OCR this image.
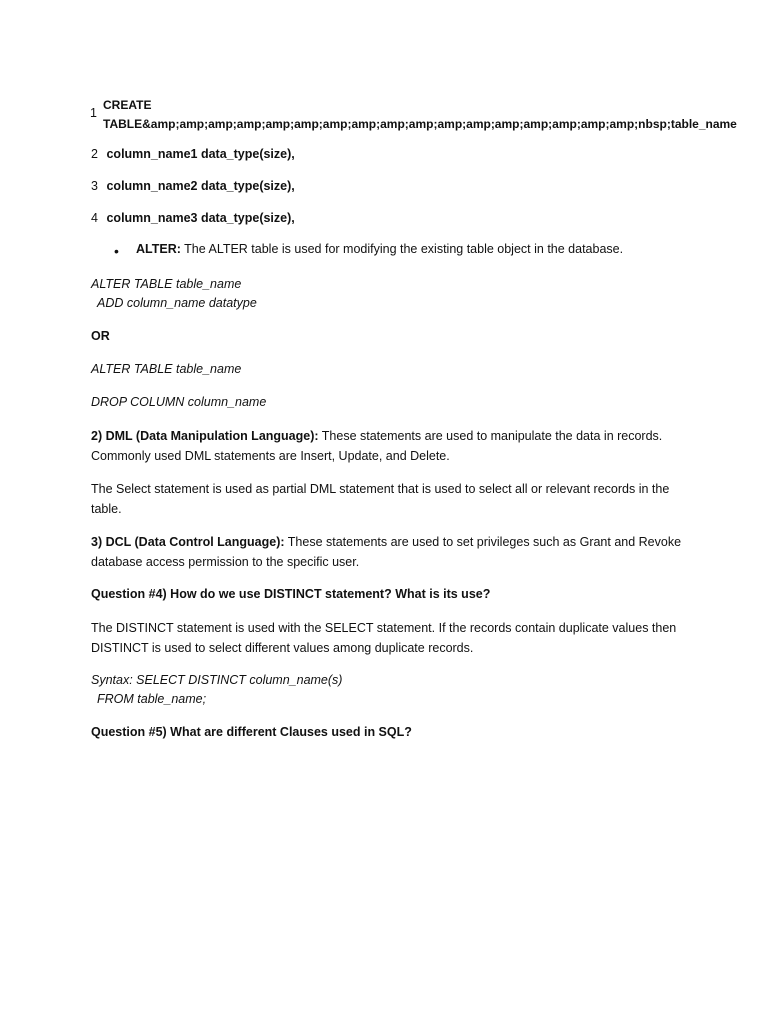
1
CREATE
TABLE&amp;amp;amp;amp;amp;amp;amp;amp;amp;amp;amp;amp;amp;amp;amp;amp;amp;nbsp;table_name
2 column_name1 data_type(size),
3 column_name2 data_type(size),
4 column_name3 data_type(size),
• ALTER: The ALTER table is used for modifying the existing table object in the database.
ALTER TABLE table_name
ADD column_name datatype
OR
ALTER TABLE table_name
DROP COLUMN column_name
2) DML (Data Manipulation Language): These statements are used to manipulate the data in records. Commonly used DML statements are Insert, Update, and Delete.
The Select statement is used as partial DML statement that is used to select all or relevant records in the table.
3) DCL (Data Control Language): These statements are used to set privileges such as Grant and Revoke database access permission to the specific user.
Question #4) How do we use DISTINCT statement? What is its use?
The DISTINCT statement is used with the SELECT statement. If the records contain duplicate values then DISTINCT is used to select different values among duplicate records.
Syntax: SELECT DISTINCT column_name(s)
FROM table_name;
Question #5) What are different Clauses used in SQL?
